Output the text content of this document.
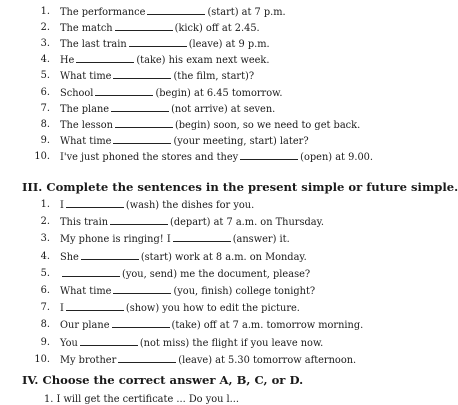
1. The performance	(start) at 7 p.m.
2. The match	(kick) off at 2.45.
3. The last train	(leave) at 9 p.m.
4. He	(take) his exam next week.
5. What time	(the film, start)?
6. School	(begin) at 6.45 tomorrow.
7. The plane	(not arrive) at seven.
8. The lesson	(begin) soon, so we need to get back.
9. What time	(your meeting, start) later?
10. I've just phoned the stores and they	(open) at 9.00.
III. Complete the sentences in the present simple or future simple.
1. I	(wash) the dishes for you.
2. This train	(depart) at 7 a.m. on Thursday.
3. My phone is ringing! I	(answer) it.
4. She	(start) work at 8 a.m. on Monday.
5.	(you, send) me the document, please?
6. What time	(you, finish) college tonight?
7. I	(show) you how to edit the picture.
8. Our plane	(take) off at 7 a.m. tomorrow morning.
9. You	(not miss) the flight if you leave now.
10. My brother	(leave) at 5.30 tomorrow afternoon.
IV. Choose the correct answer A, B, C, or D.
1. I will get the certificate ... Do you l...
